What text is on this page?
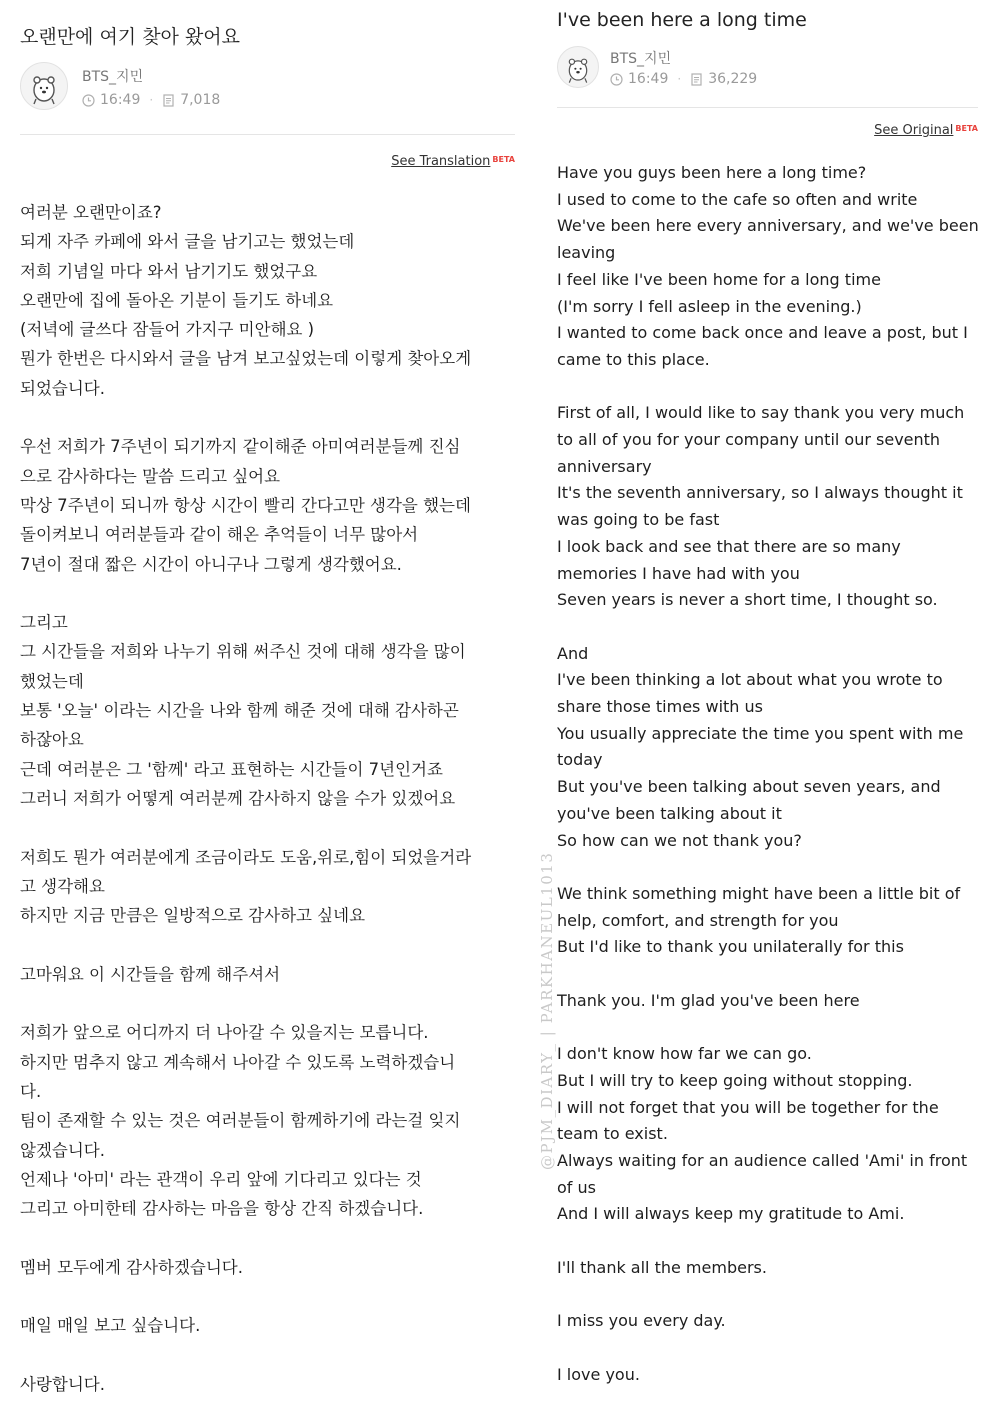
오랜만에 여기 찾아 왔어요
BTS_지민
16:49 · 7,018
See Translation $^{BETA}$
여러분 오랜만이죠?
되게 자주 카페에 와서 글을 남기고는 했었는데
저희 기념일 마다 와서 남기기도 했었구요
오랜만에 집에 돌아온 기분이 들기도 하네요
(저녁에 글쓰다 잠들어 가지구 미안해요 )
뭔가 한번은 다시와서 글을 남겨 보고싶었는데 이렇게 찾아오게
되었습니다.
우선 저희가 7주년이 되기까지 같이해준 아미여러분들께 진심
으로 감사하다는 말씀 드리고 싶어요
막상 7주년이 되니까 항상 시간이 빨리 간다고만 생각을 했는데
돌이켜보니 여러분들과 같이 해온 추억들이 너무 많아서
7년이 절대 짧은 시간이 아니구나 그렇게 생각했어요.
그리고
그 시간들을 저희와 나누기 위해 써주신 것에 대해 생각을 많이
했었는데
보통 '오늘' 이라는 시간을 나와 함께 해준 것에 대해 감사하곤
하잖아요
근데 여러분은 그 '함께' 라고 표현하는 시간들이 7년인거죠
그러니 저희가 어떻게 여러분께 감사하지 않을 수가 있겠어요
저희도 뭔가 여러분에게 조금이라도 도움,위로,힘이 되었을거라
고 생각해요
하지만 지금 만큼은 일방적으로 감사하고 싶네요
고마워요 이 시간들을 함께 해주셔서
저희가 앞으로 어디까지 더 나아갈 수 있을지는 모릅니다.
하지만 멈추지 않고 계속해서 나아갈 수 있도록 노력하겠습니
다.
팀이 존재할 수 있는 것은 여러분들이 함께하기에 라는걸 잊지
않겠습니다.
언제나 '아미' 라는 관객이 우리 앞에 기다리고 있다는 것
그리고 아미한테 감사하는 마음을 항상 간직 하겠습니다.
멤버 모두에게 감사하겠습니다.
매일 매일 보고 싶습니다.
사랑합니다.
@PJM_DIARY_ | PARKHANEUL1013
I've been here a long time
BTS_지민
16:49 · 36,229
See Original $^{BETA}$
Have you guys been here a long time?
I used to come to the cafe so often and write
We've been here every anniversary, and we've been
leaving
I feel like I've been home for a long time
(I'm sorry I fell asleep in the evening.)
I wanted to come back once and leave a post, but I
came to this place.
First of all, I would like to say thank you very much
to all of you for your company until our seventh
anniversary
It's the seventh anniversary, so I always thought it
was going to be fast
I look back and see that there are so many
memories I have had with you
Seven years is never a short time, I thought so.
And
I've been thinking a lot about what you wrote to
share those times with us
You usually appreciate the time you spent with me
today
But you've been talking about seven years, and
you've been talking about it
So how can we not thank you?
We think something might have been a little bit of
help, comfort, and strength for you
But I'd like to thank you unilaterally for this
Thank you. I'm glad you've been here
I don't know how far we can go.
But I will try to keep going without stopping.
I will not forget that you will be together for the
team to exist.
Always waiting for an audience called 'Ami' in front
of us
And I will always keep my gratitude to Ami.
I'll thank all the members.
I miss you every day.
I love you.
